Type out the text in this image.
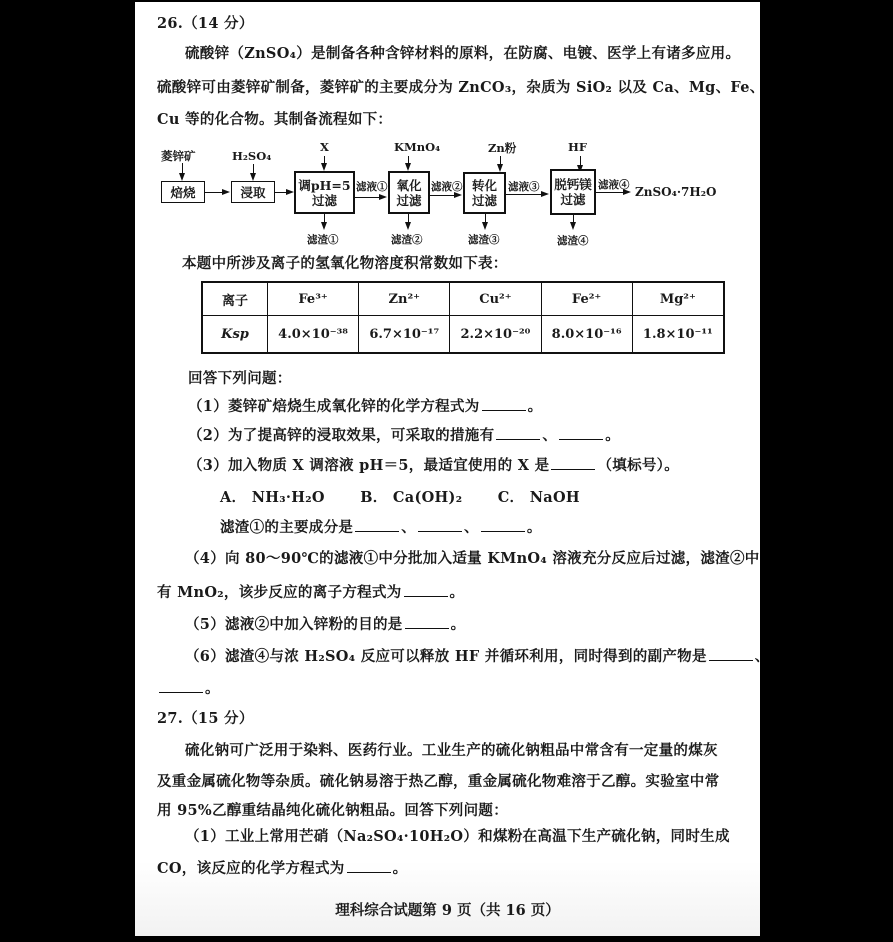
26.（14 分）
硫酸锌（ZnSO₄）是制备各种含锌材料的原料，在防腐、电镀、医学上有诸多应用。
硫酸锌可由菱锌矿制备，菱锌矿的主要成分为 ZnCO₃，杂质为 SiO₂ 以及 Ca、Mg、Fe、
Cu 等的化合物。其制备流程如下：
菱锌矿	H₂SO₄
X	KMnO₄	Zn粉	HF
焙烧	浸取	调pH=5
过滤
氧化
过滤
转化
过滤
脱钙镁
过滤
滤液①	滤液②	滤液③	滤液④ ZnSO₄·7H₂O
滤渣①	滤渣②	滤渣③	滤渣④
本题中所涉及离子的氢氧化物溶度积常数如下表：
离子	Fe³⁺	Zn²⁺	Cu²⁺	Fe²⁺	Mg²⁺
Ksp	4.0×10⁻³⁸	6.7×10⁻¹⁷	2.2×10⁻²⁰	8.0×10⁻¹⁶	1.8×10⁻¹¹
回答下列问题：
（1）菱锌矿焙烧生成氧化锌的化学方程式为	。
（2）为了提高锌的浸取效果，可采取的措施有	、	。
（3）加入物质 X 调溶液 pH＝5，最适宜使用的 X 是	（填标号）。
A． NH₃·H₂O B． Ca(OH)₂ C． NaOH
滤渣①的主要成分是	、	、	。
（4）向 80～90℃的滤液①中分批加入适量 KMnO₄ 溶液充分反应后过滤，滤渣②中
有 MnO₂，该步反应的离子方程式为	。
（5）滤液②中加入锌粉的目的是	。
（6）滤渣④与浓 H₂SO₄ 反应可以释放 HF 并循环利用，同时得到的副产物是	、
。
27.（15 分）
硫化钠可广泛用于染料、医药行业。工业生产的硫化钠粗品中常含有一定量的煤灰
及重金属硫化物等杂质。硫化钠易溶于热乙醇，重金属硫化物难溶于乙醇。实验室中常
用 95%乙醇重结晶纯化硫化钠粗品。回答下列问题：
（1）工业上常用芒硝（Na₂SO₄·10H₂O）和煤粉在高温下生产硫化钠，同时生成
CO，该反应的化学方程式为	。
理科综合试题第 9 页（共 16 页）
